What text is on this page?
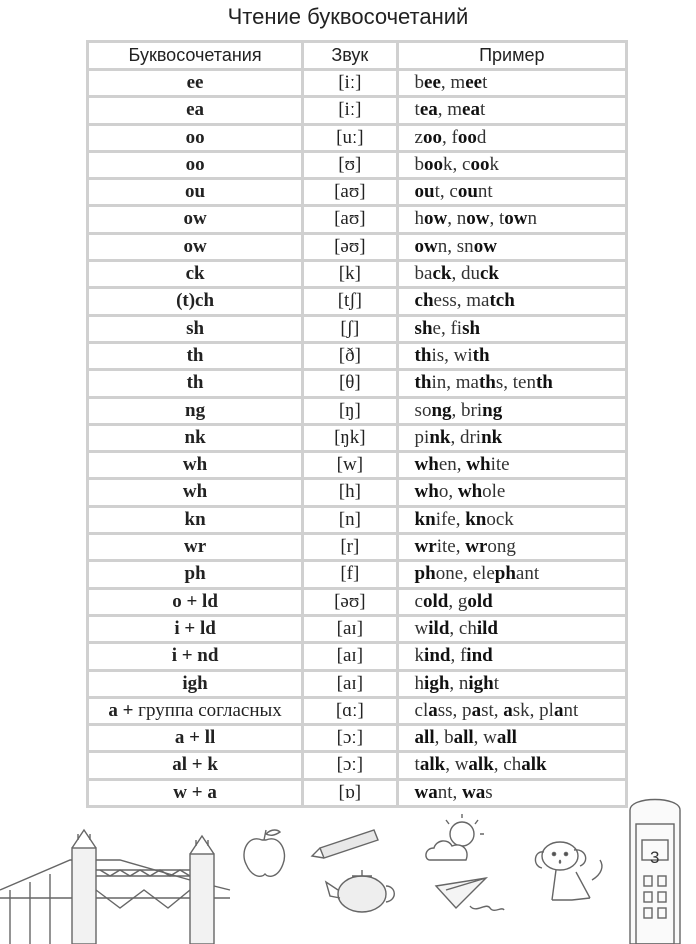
Чтение буквосочетаний
Буквосочетания	Звук	Пример
ee	[iː]	bee, meet
ea	[iː]	tea, meat
oo	[uː]	zoo, food
oo	[ʊ]	book, cook
ou	[aʊ]	out, count
ow	[aʊ]	how, now, town
ow	[əʊ]	own, snow
ck	[k]	back, duck
(t)ch	[tʃ]	chess, match
sh	[ʃ]	she, fish
th	[ð]	this, with
th	[θ]	thin, maths, tenth
ng	[ŋ]	song, bring
nk	[ŋk]	pink, drink
wh	[w]	when, white
wh	[h]	who, whole
kn	[n]	knife, knock
wr	[r]	write, wrong
ph	[f]	phone, elephant
o + ld	[əʊ]	cold, gold
i + ld	[aɪ]	wild, child
i + nd	[aɪ]	kind, find
igh	[aɪ]	high, night
a + группа согласных	[ɑː]	class, past, ask, plant
a + ll	[ɔː]	all, ball, wall
al + k	[ɔː]	talk, walk, chalk
w + a	[ɒ]	want, was
3
